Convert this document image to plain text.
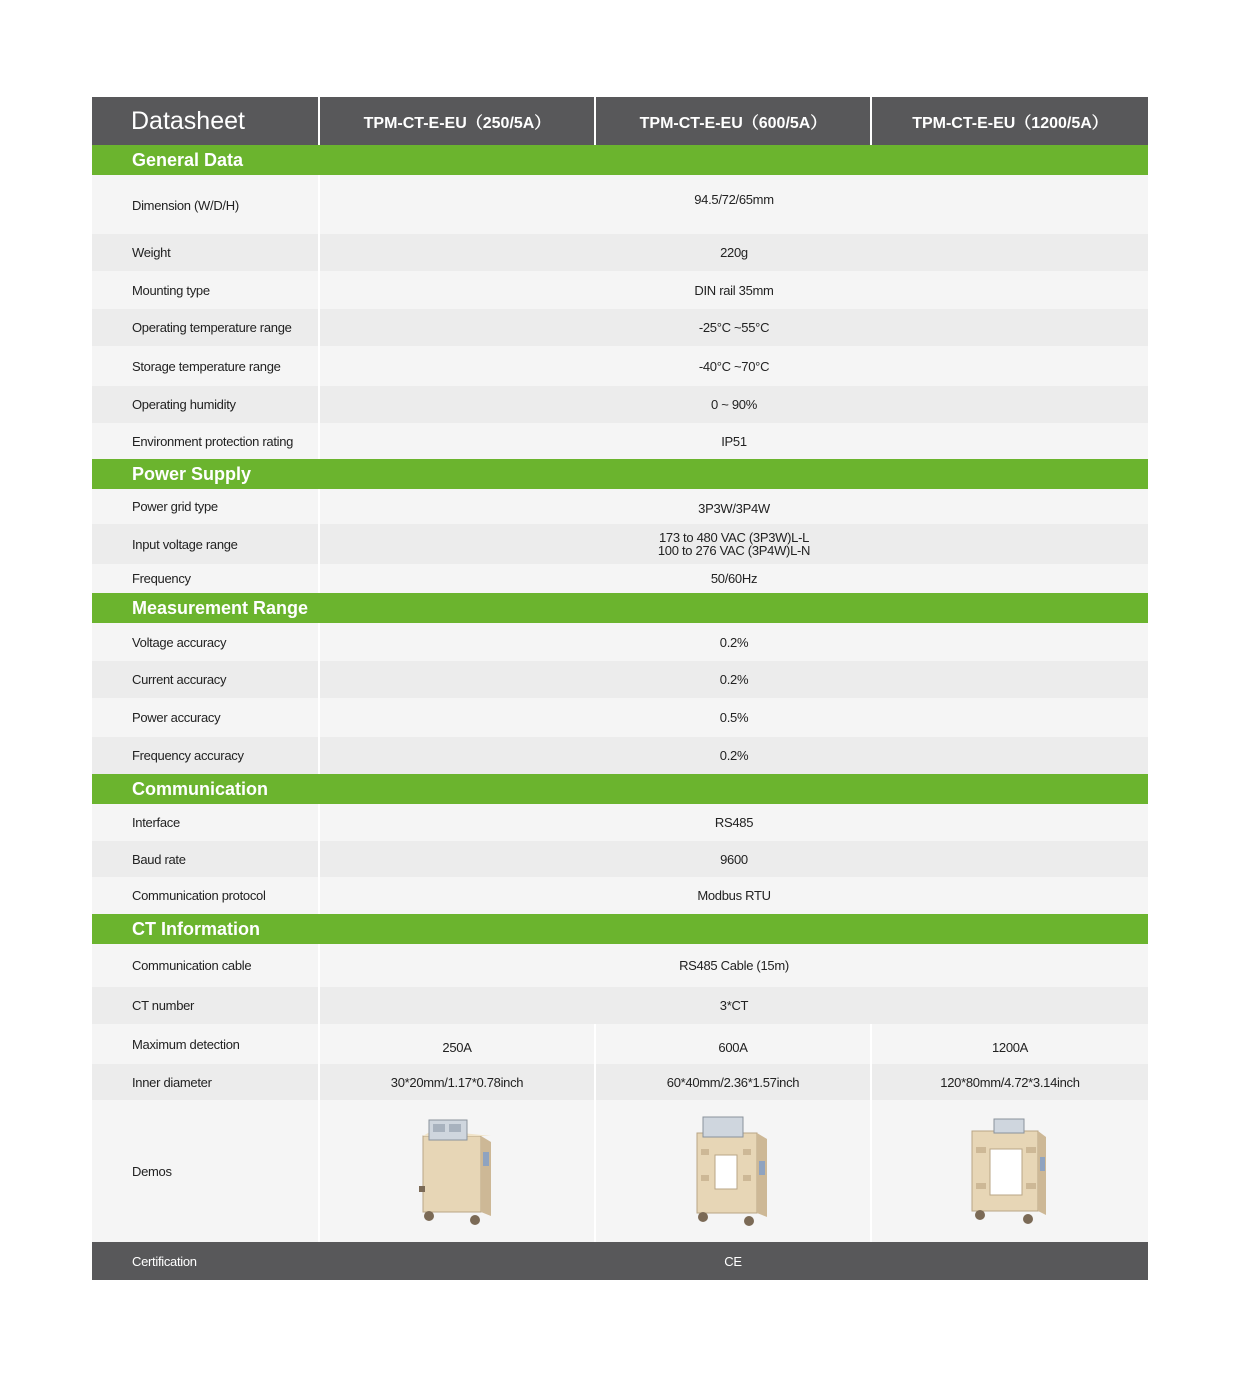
Datasheet	TPM-CT-E-EU（250/5A）	TPM-CT-E-EU（600/5A）	TPM-CT-E-EU（1200/5A）
General Data
Dimension (W/D/H)	94.5/72/65mm
Weight	220g
Mounting type	DIN rail 35mm
Operating temperature range	-25°C ~55°C
Storage temperature range	-40°C ~70°C
Operating humidity	0 ~ 90%
Environment protection rating	IP51
Power Supply
Power grid type	3P3W/3P4W
Input voltage range	173 to 480 VAC (3P3W)L-L
100 to 276 VAC (3P4W)L-N
Frequency	50/60Hz
Measurement Range
Voltage accuracy	0.2%
Current accuracy	0.2%
Power accuracy	0.5%
Frequency accuracy	0.2%
Communication
Interface	RS485
Baud rate	9600
Communication protocol	Modbus RTU
CT Information
Communication cable	RS485 Cable (15m)
CT number	3*CT
Maximum detection	250A	600A	1200A
Inner diameter	30*20mm/1.17*0.78inch	60*40mm/2.36*1.57inch	120*80mm/4.72*3.14inch
Demos
Certification	CE
